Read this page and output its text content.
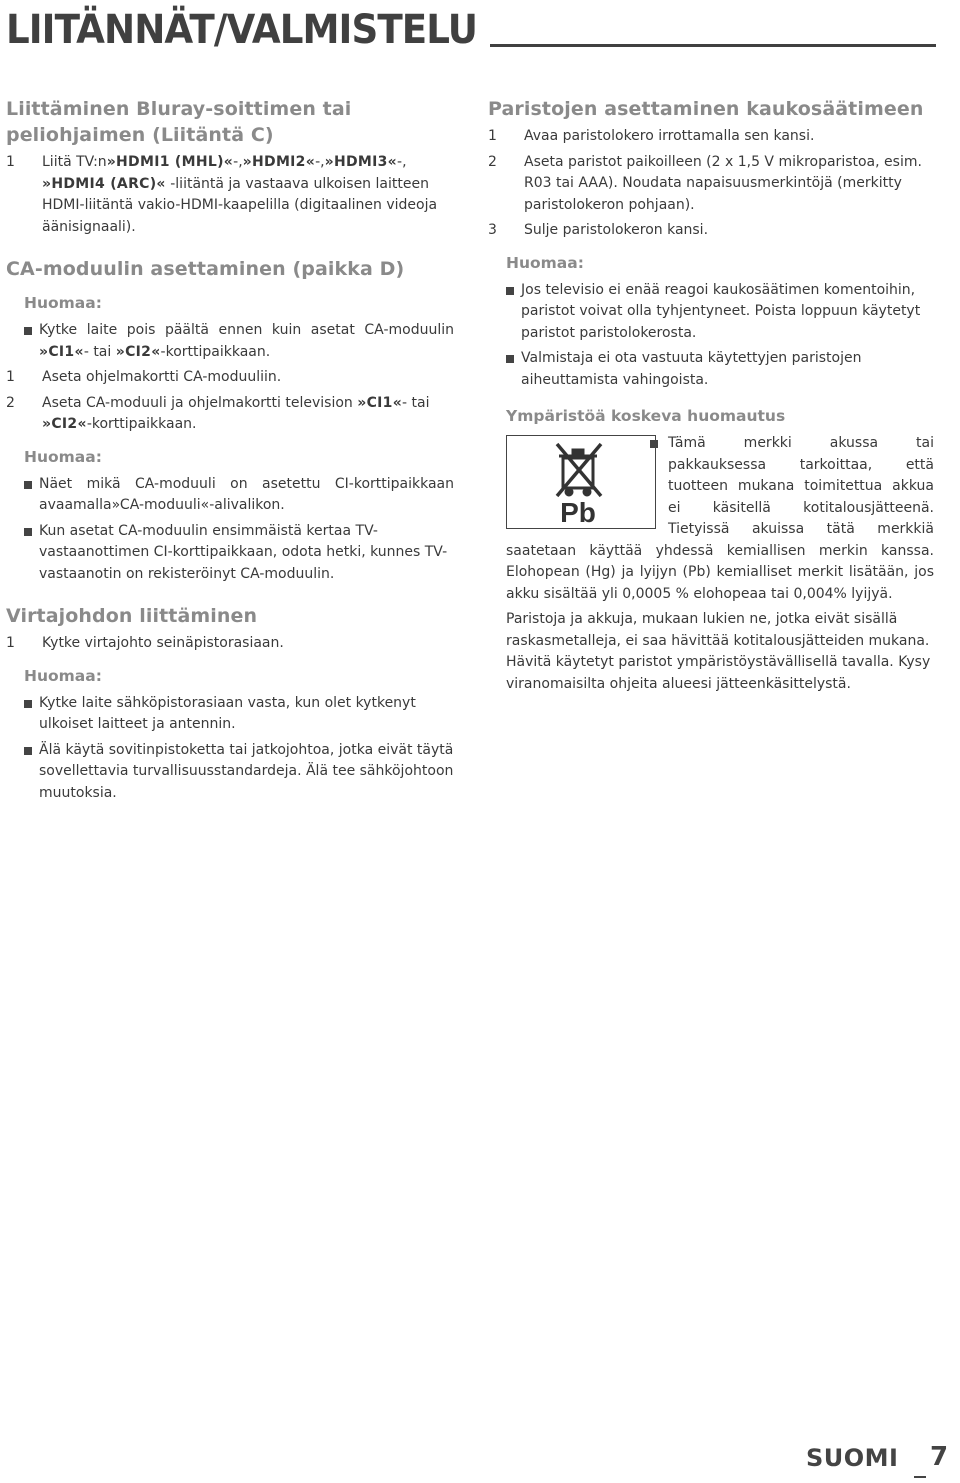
LIITÄNNÄT/VALMISTELU
Liittäminen Bluray-soittimen tai peliohjaimen (Liitäntä C)
1	Liitä TV:n»HDMI1 (MHL)«-,»HDMI2«-,»HDMI3«-, »HDMI4 (ARC)« -liitäntä ja vastaava ulkoisen laitteen HDMI-liitäntä vakio-HDMI-kaapelilla (digitaalinen videoja äänisignaali).
CA-moduulin asettaminen (paikka D)
Huomaa:
Kytke laite pois päältä ennen kuin asetat CA-moduulin »CI1«- tai »CI2«-korttipaikkaan.
1	Aseta ohjelmakortti CA-moduuliin.
2	Aseta CA-moduuli ja ohjelmakortti television »CI1«- tai »CI2«-korttipaikkaan.
Huomaa:
Näet mikä CA-moduuli on asetettu CI-korttipaikkaan avaamalla»CA-moduuli«-alivalikon.
Kun asetat CA-moduulin ensimmäistä kertaa TV-vastaanottimen CI-korttipaikkaan, odota hetki, kunnes TV-vastaanotin on rekisteröinyt CA-moduulin.
Virtajohdon liittäminen
1	Kytke virtajohto seinäpistorasiaan.
Huomaa:
Kytke laite sähköpistorasiaan vasta, kun olet kytkenyt ulkoiset laitteet ja antennin.
Älä käytä sovitinpistoketta tai jatkojohtoa, jotka eivät täytä sovellettavia turvallisuusstandardeja. Älä tee sähköjohtoon muutoksia.
Paristojen asettaminen kaukosäätimeen
1	Avaa paristolokero irrottamalla sen kansi.
2	Aseta paristot paikoilleen (2 x 1,5 V mikroparistoa, esim. R03 tai AAA). Noudata napaisuusmerkintöjä (merkitty paristolokeron pohjaan).
3	Sulje paristolokeron kansi.
Huomaa:
Jos televisio ei enää reagoi kaukosäätimen komentoihin, paristot voivat olla tyhjentyneet. Poista loppuun käytetyt paristot paristolokerosta.
Valmistaja ei ota vastuuta käytettyjen paristojen aiheuttamista vahingoista.
Ympäristöä koskeva huomautus
Pb

Tämä merkki akussa tai pakkauksessa tarkoittaa, että tuotteen mukana toimitettua akkua ei käsitellä kotitalousjätteenä. Tietyissä akuissa tätä merkkiä saatetaan käyttää yhdessä kemiallisen merkin kanssa. Elohopean (Hg) ja lyijyn (Pb) kemialliset merkit lisätään, jos akku sisältää yli 0,0005 % elohopeaa tai 0,004% lyijyä.

Paristoja ja akkuja, mukaan lukien ne, jotka eivät sisällä raskasmetalleja, ei saa hävittää kotitalousjätteiden mukana. Hävitä käytetyt paristot ympäristöystävällisellä tavalla. Kysy viranomaisilta ohjeita alueesi jätteenkäsittelystä.

SUOMI 7
